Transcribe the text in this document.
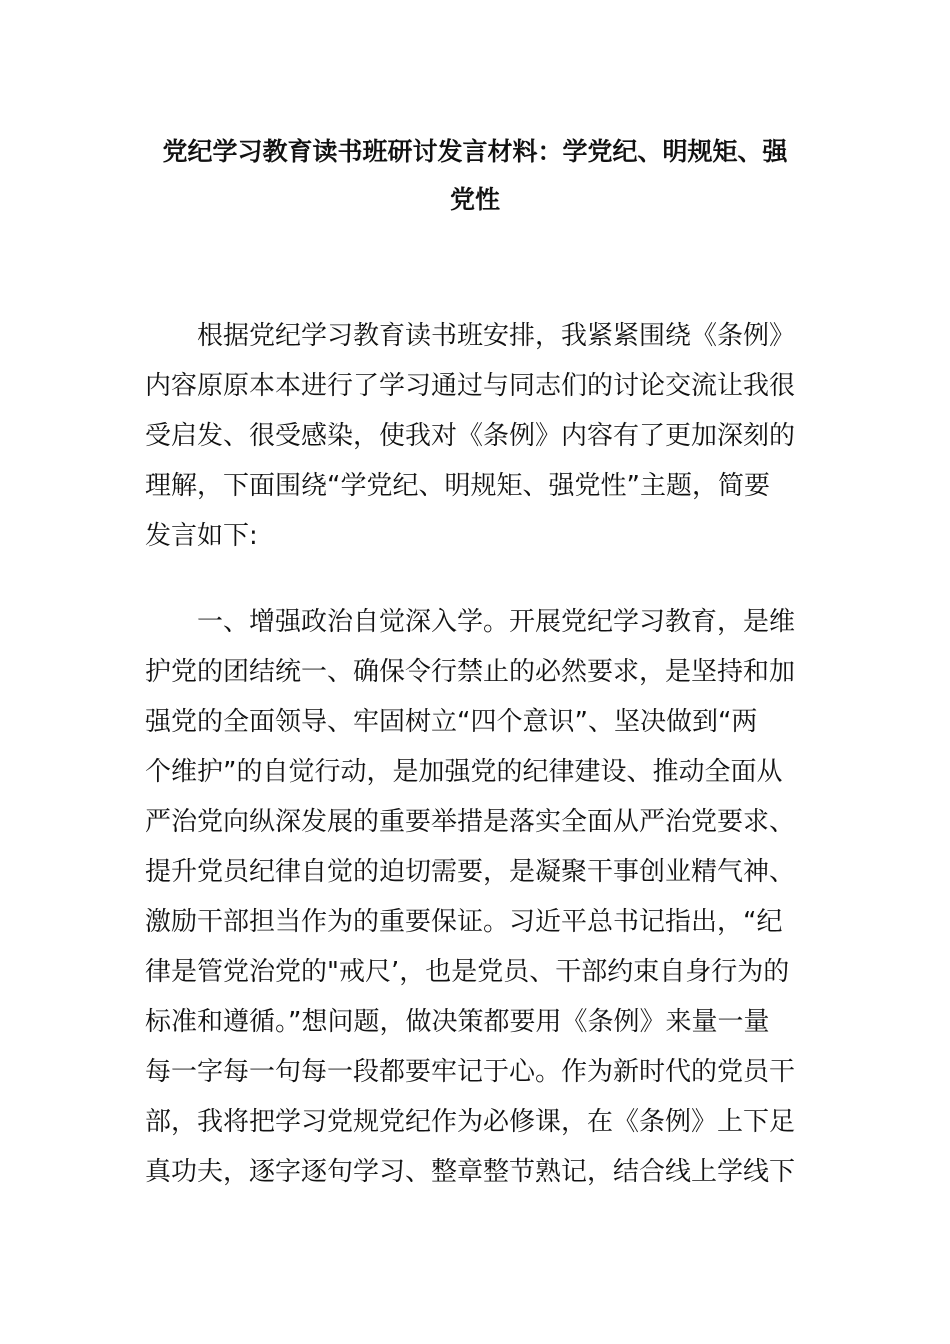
党纪学习教育读书班研讨发言材料：学党纪、明规矩、强
党性
　　根据党纪学习教育读书班安排，我紧紧围绕《条例》
内容原原本本进行了学习通过与同志们的讨论交流让我很
受启发、很受感染，使我对《条例》内容有了更加深刻的
理解，下面围绕“学党纪、明规矩、强党性”主题，简要
发言如下:
　　一、增强政治自觉深入学。开展党纪学习教育，是维
护党的团结统一、确保令行禁止的必然要求，是坚持和加
强党的全面领导、牢固树立“四个意识”、坚决做到“两
个维护”的自觉行动，是加强党的纪律建设、推动全面从
严治党向纵深发展的重要举措是落实全面从严治党要求、
提升党员纪律自觉的迫切需要，是凝聚干事创业精气神、
激励干部担当作为的重要保证。习近平总书记指出，“纪
律是管党治党的"戒尺’，也是党员、干部约束自身行为的
标准和遵循。”想问题，做决策都要用《条例》来量一量
每一字每一句每一段都要牢记于心。作为新时代的党员干
部，我将把学习党规党纪作为必修课，在《条例》上下足
真功夫，逐字逐句学习、整章整节熟记，结合线上学线下
